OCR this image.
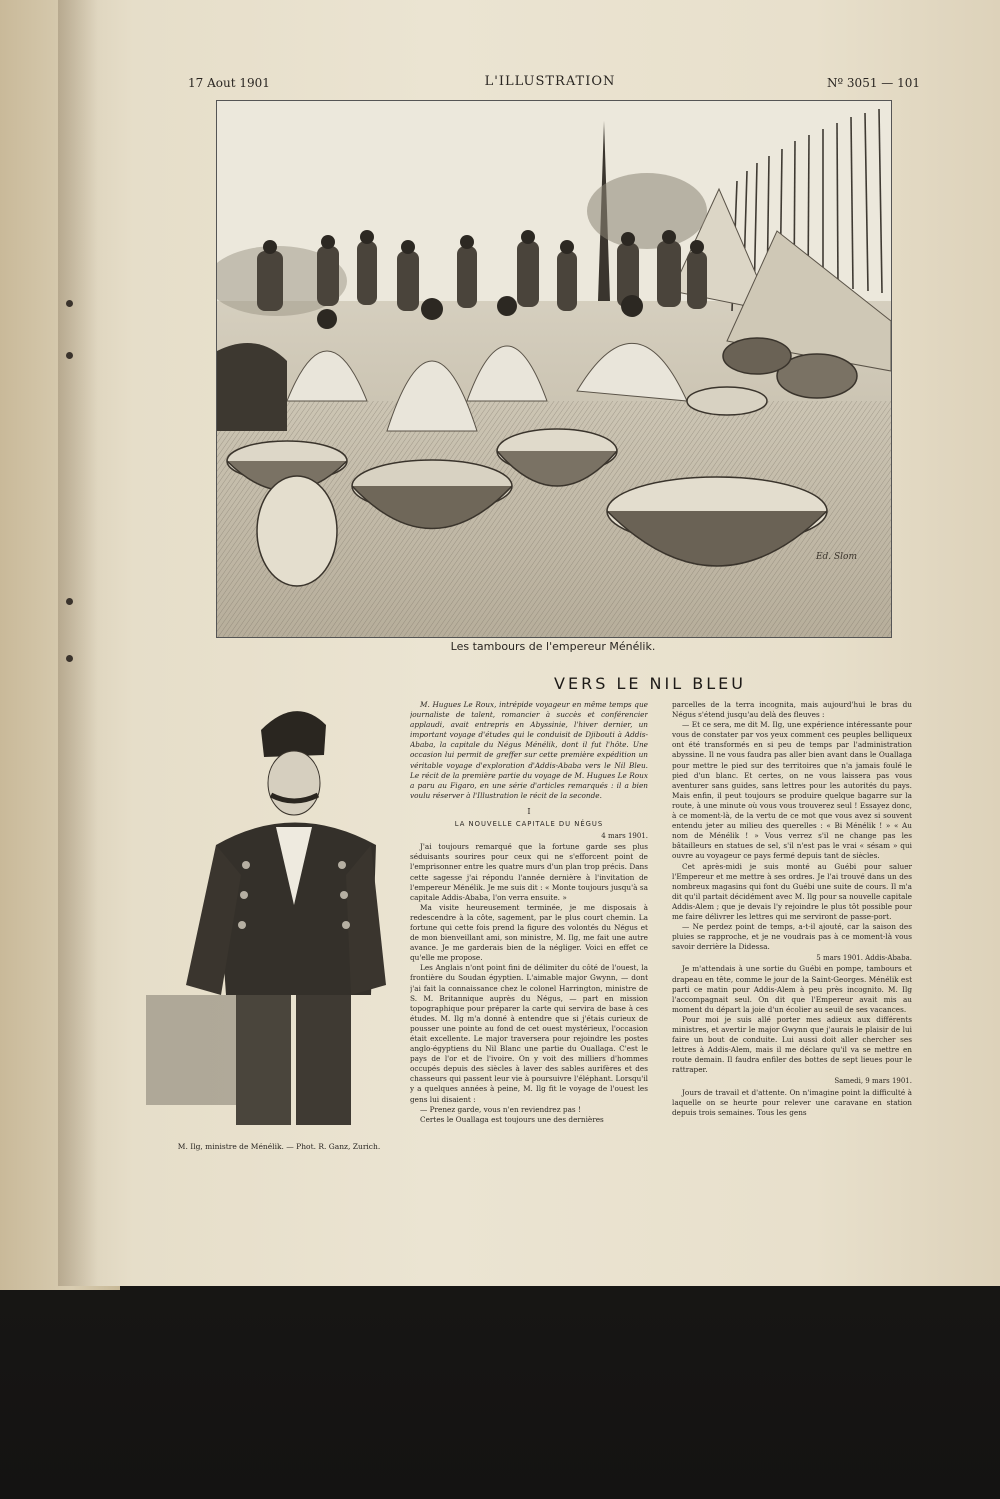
17 Aout 1901	L'ILLUSTRATION	Nº 3051 — 101
Ed. Slom
Les tambours de l'empereur Ménélik.
VERS LE NIL BLEU
M. Ilg, ministre de Ménélik. — Phot. R. Ganz, Zurich.

M. Hugues Le Roux, intrépide voyageur en même temps que journaliste de talent, romancier à succès et conférencier applaudi, avait entrepris en Abyssinie, l'hiver dernier, un important voyage d'études qui le conduisit de Djibouti à Addis-Ababa, la capitale du Négus Ménélik, dont il fut l'hôte. Une occasion lui permit de greffer sur cette première expédition un véritable voyage d'exploration d'Addis-Ababa vers le Nil Bleu. Le récit de la première partie du voyage de M. Hugues Le Roux a paru au Figaro, en une série d'articles remarqués : il a bien voulu réserver à l'Illustration le récit de la seconde.

I
LA NOUVELLE CAPITALE DU NÉGUS
4 mars 1901.

J'ai toujours remarqué que la fortune garde ses plus séduisants sourires pour ceux qui ne s'efforcent point de l'emprisonner entre les quatre murs d'un plan trop précis. Dans cette sagesse j'ai répondu l'année dernière à l'invitation de l'empereur Ménélik. Je me suis dit : « Monte toujours jusqu'à sa capitale Addis-Ababa, l'on verra ensuite. »

Ma visite heureusement terminée, je me disposais à redescendre à la côte, sagement, par le plus court chemin. La fortune qui cette fois prend la figure des volontés du Négus et de mon bienveillant ami, son ministre, M. Ilg, me fait une autre avance. Je me garderais bien de la négliger. Voici en effet ce qu'elle me propose.

Les Anglais n'ont point fini de délimiter du côté de l'ouest, la frontière du Soudan égyptien. L'aimable major Gwynn, — dont j'ai fait la connaissance chez le colonel Harrington, ministre de S. M. Britannique auprès du Négus, — part en mission topographique pour préparer la carte qui servira de base à ces études. M. Ilg m'a donné à entendre que si j'étais curieux de pousser une pointe au fond de cet ouest mystérieux, l'occasion était excellente. Le major traversera pour rejoindre les postes anglo-égyptiens du Nil Blanc une partie du Ouallaga. C'est le pays de l'or et de l'ivoire. On y voit des milliers d'hommes occupés depuis des siècles à laver des sables aurifères et des chasseurs qui passent leur vie à poursuivre l'éléphant. Lorsqu'il y a quelques années à peine, M. Ilg fit le voyage de l'ouest les gens lui disaient :

— Prenez garde, vous n'en reviendrez pas !

Certes le Ouallaga est toujours une des dernières

parcelles de la terra incognita, mais aujourd'hui le bras du Négus s'étend jusqu'au delà des fleuves :

— Et ce sera, me dit M. Ilg, une expérience intéressante pour vous de constater par vos yeux comment ces peuples belliqueux ont été transformés en si peu de temps par l'administration abyssine. Il ne vous faudra pas aller bien avant dans le Ouallaga pour mettre le pied sur des territoires que n'a jamais foulé le pied d'un blanc. Et certes, on ne vous laissera pas vous aventurer sans guides, sans lettres pour les autorités du pays. Mais enfin, il peut toujours se produire quelque bagarre sur la route, à une minute où vous vous trouverez seul ! Essayez donc, à ce moment-là, de la vertu de ce mot que vous avez si souvent entendu jeter au milieu des querelles : « Bi Ménélik ! » « Au nom de Ménélik ! » Vous verrez s'il ne change pas les bâtailleurs en statues de sel, s'il n'est pas le vrai « sésam » qui ouvre au voyageur ce pays fermé depuis tant de siècles.

Cet après-midi je suis monté au Guébi pour saluer l'Empereur et me mettre à ses ordres. Je l'ai trouvé dans un des nombreux magasins qui font du Guébi une suite de cours. Il m'a dit qu'il partait décidément avec M. Ilg pour sa nouvelle capitale Addis-Alem ; que je devais l'y rejoindre le plus tôt possible pour me faire délivrer les lettres qui me serviront de passe-port.

— Ne perdez point de temps, a-t-il ajouté, car la saison des pluies se rapproche, et je ne voudrais pas à ce moment-là vous savoir derrière la Didessa.

5 mars 1901. Addis-Ababa.

Je m'attendais à une sortie du Guébi en pompe, tambours et drapeau en tête, comme le jour de la Saint-Georges. Ménélik est parti ce matin pour Addis-Alem à peu près incognito. M. Ilg l'accompagnait seul. On dit que l'Empereur avait mis au moment du départ la joie d'un écolier au seuil de ses vacances.

Pour moi je suis allé porter mes adieux aux différents ministres, et avertir le major Gwynn que j'aurais le plaisir de lui faire un bout de conduite. Lui aussi doit aller chercher ses lettres à Addis-Alem, mais il me déclare qu'il va se mettre en route demain. Il faudra enfiler des bottes de sept lieues pour le rattraper.

Samedi, 9 mars 1901.

Jours de travail et d'attente. On n'imagine point la difficulté à laquelle on se heurte pour relever une caravane en station depuis trois semaines. Tous les gens
